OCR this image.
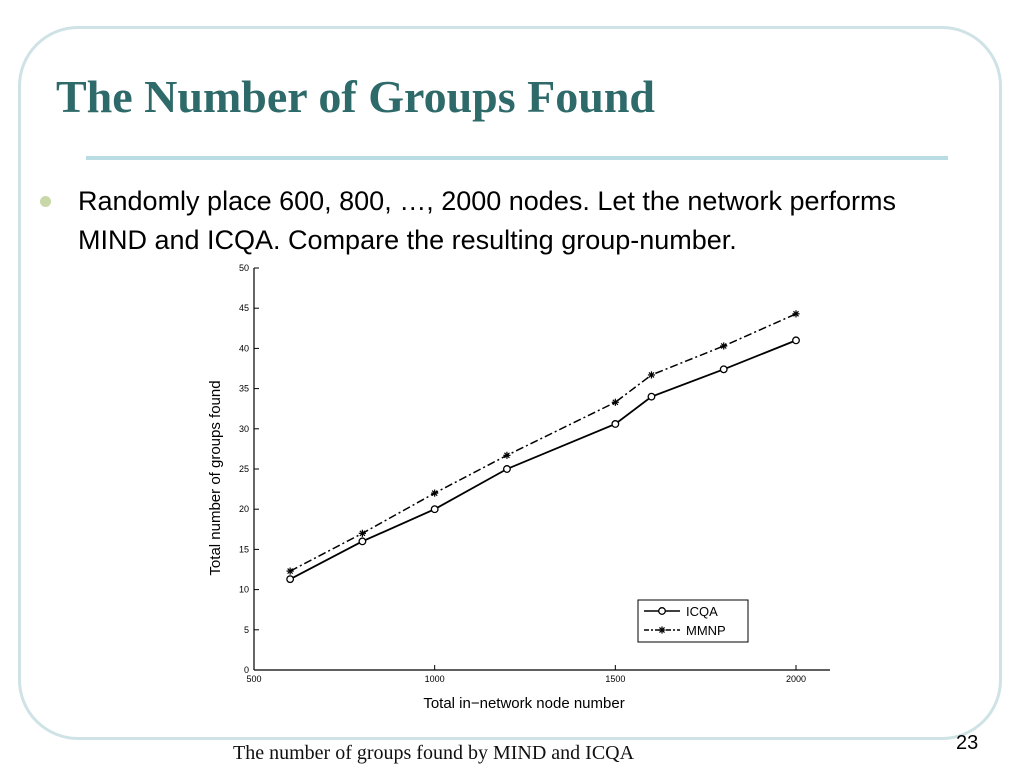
The Number of Groups Found
Randomly place 600, 800, …, 2000 nodes. Let the network performs MIND and ICQA. Compare the resulting group-number.
0
5
10
15
20
25
30
35
40
45
50
500	1000	1500	2000
ICQA
MMNP
Total in−network node number
Total number of groups found
The number of groups found by MIND and ICQA	23
